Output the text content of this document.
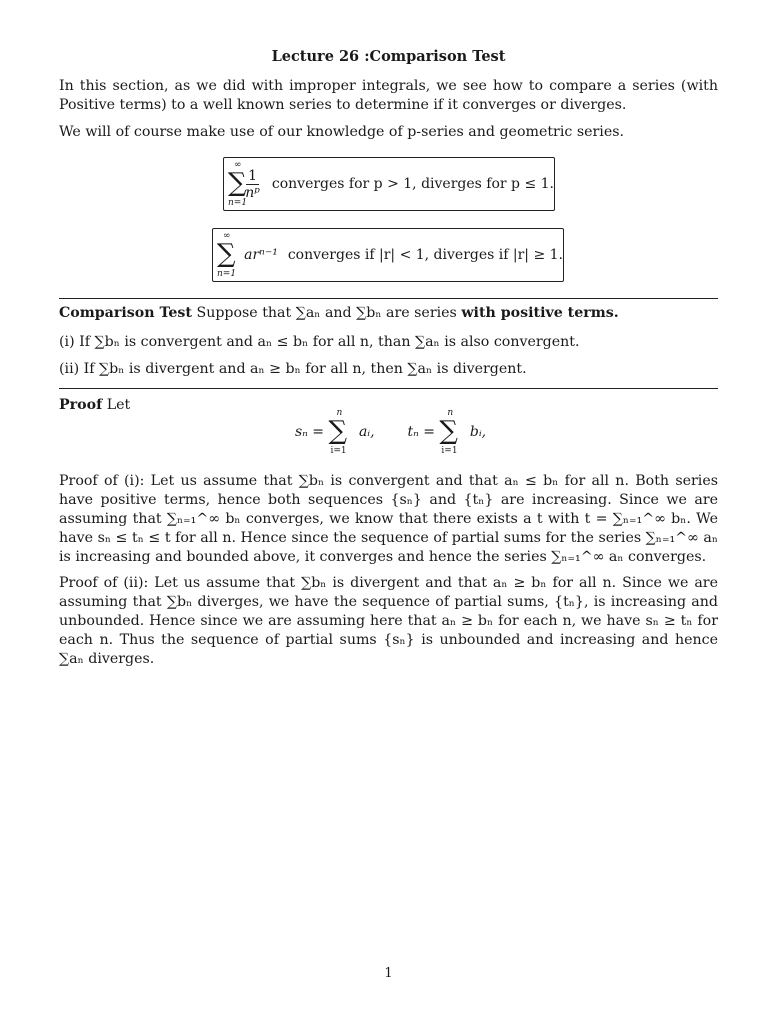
Lecture 26 :Comparison Test
In this section, as we did with improper integrals, we see how to compare a series (with Positive terms) to a well known series to determine if it converges or diverges.
We will of course make use of our knowledge of p-series and geometric series.
∞
∑
n=1
$\frac{1}{\text{nᵖ}}$ converges for p > 1, diverges for p ≤ 1.
∞
∑
n=1
arⁿ⁻¹ converges if |r| < 1, diverges if |r| ≥ 1.
Comparison Test Suppose that ∑aₙ and ∑bₙ are series with positive terms.
(i) If ∑bₙ is convergent and aₙ ≤ bₙ for all n, than ∑aₙ is also convergent.
(ii) If ∑bₙ is divergent and aₙ ≥ bₙ for all n, then ∑aₙ is divergent.
Proof Let
sₙ =
n
∑
i=1
aᵢ, tₙ =
n
∑
i=1
bᵢ,
Proof of (i): Let us assume that ∑bₙ is convergent and that aₙ ≤ bₙ for all n. Both series have positive terms, hence both sequences {sₙ} and {tₙ} are increasing. Since we are assuming that ∑ₙ₌₁^∞ bₙ converges, we know that there exists a t with t = ∑ₙ₌₁^∞ bₙ. We have sₙ ≤ tₙ ≤ t for all n. Hence since the sequence of partial sums for the series ∑ₙ₌₁^∞ aₙ is increasing and bounded above, it converges and hence the series ∑ₙ₌₁^∞ aₙ converges.
Proof of (ii): Let us assume that ∑bₙ is divergent and that aₙ ≥ bₙ for all n. Since we are assuming that ∑bₙ diverges, we have the sequence of partial sums, {tₙ}, is increasing and unbounded. Hence since we are assuming here that aₙ ≥ bₙ for each n, we have sₙ ≥ tₙ for each n. Thus the sequence of partial sums {sₙ} is unbounded and increasing and hence ∑aₙ diverges.
1
